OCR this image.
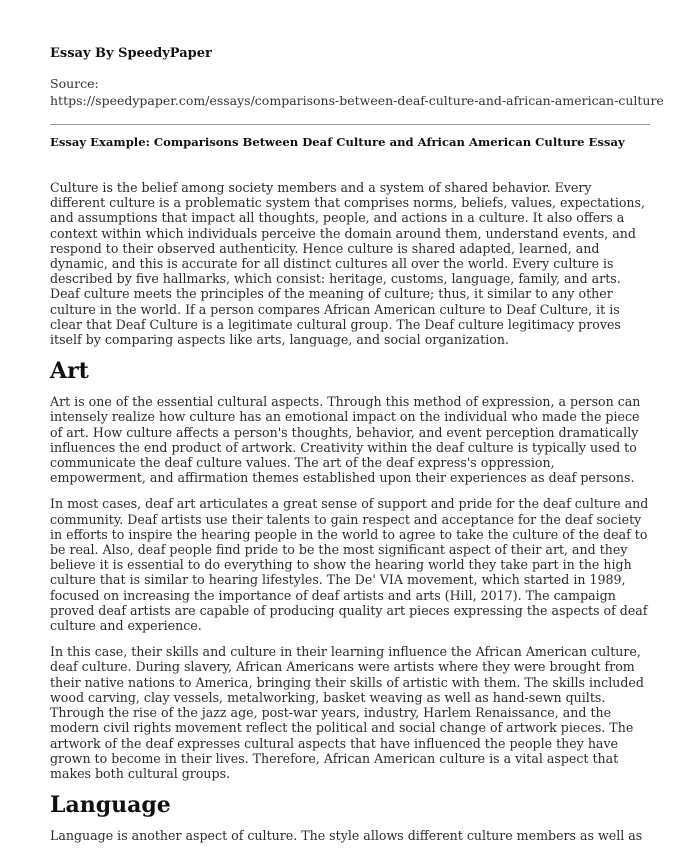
Essay By SpeedyPaper
Source:
https://speedypaper.com/essays/comparisons-between-deaf-culture-and-african-american-culture
Essay Example: Comparisons Between Deaf Culture and African American Culture Essay

Culture is the belief among society members and a system of shared behavior. Every different culture is a problematic system that comprises norms, beliefs, values, expectations, and assumptions that impact all thoughts, people, and actions in a culture. It also offers a context within which individuals perceive the domain around them, understand events, and respond to their observed authenticity. Hence culture is shared adapted, learned, and dynamic, and this is accurate for all distinct cultures all over the world. Every culture is described by five hallmarks, which consist: heritage, customs, language, family, and arts. Deaf culture meets the principles of the meaning of culture; thus, it similar to any other culture in the world. If a person compares African American culture to Deaf Culture, it is clear that Deaf Culture is a legitimate cultural group. The Deaf culture legitimacy proves itself by comparing aspects like arts, language, and social organization.

Art

Art is one of the essential cultural aspects. Through this method of expression, a person can intensely realize how culture has an emotional impact on the individual who made the piece of art. How culture affects a person's thoughts, behavior, and event perception dramatically influences the end product of artwork. Creativity within the deaf culture is typically used to communicate the deaf culture values. The art of the deaf express's oppression, empowerment, and affirmation themes established upon their experiences as deaf persons.

In most cases, deaf art articulates a great sense of support and pride for the deaf culture and community. Deaf artists use their talents to gain respect and acceptance for the deaf society in efforts to inspire the hearing people in the world to agree to take the culture of the deaf to be real. Also, deaf people find pride to be the most significant aspect of their art, and they believe it is essential to do everything to show the hearing world they take part in the high culture that is similar to hearing lifestyles. The De' VIA movement, which started in 1989, focused on increasing the importance of deaf artists and arts (Hill, 2017). The campaign proved deaf artists are capable of producing quality art pieces expressing the aspects of deaf culture and experience.

In this case, their skills and culture in their learning influence the African American culture, deaf culture. During slavery, African Americans were artists where they were brought from their native nations to America, bringing their skills of artistic with them. The skills included wood carving, clay vessels, metalworking, basket weaving as well as hand-sewn quilts. Through the rise of the jazz age, post-war years, industry, Harlem Renaissance, and the modern civil rights movement reflect the political and social change of artwork pieces. The artwork of the deaf expresses cultural aspects that have influenced the people they have grown to become in their lives. Therefore, African American culture is a vital aspect that makes both cultural groups.

Language

Language is another aspect of culture. The style allows different culture members as well as
